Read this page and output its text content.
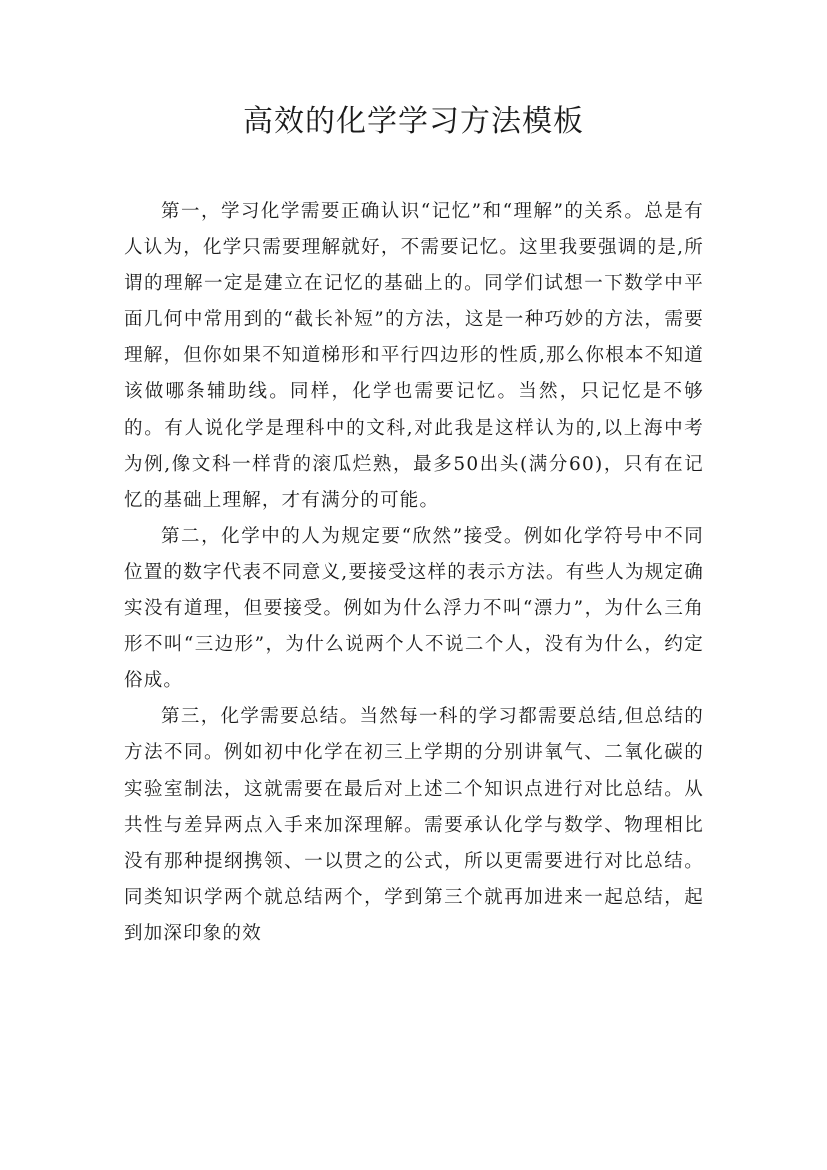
高效的化学学习方法模板

第一，学习化学需要正确认识“记忆”和“理解”的关系。总是有人认为，化学只需要理解就好，不需要记忆。这里我要强调的是,所谓的理解一定是建立在记忆的基础上的。同学们试想一下数学中平面几何中常用到的“截长补短”的方法，这是一种巧妙的方法，需要理解，但你如果不知道梯形和平行四边形的性质,那么你根本不知道该做哪条辅助线。同样，化学也需要记忆。当然，只记忆是不够的。有人说化学是理科中的文科,对此我是这样认为的,以上海中考为例,像文科一样背的滚瓜烂熟，最多50出头(满分60)，只有在记忆的基础上理解，才有满分的可能。

第二，化学中的人为规定要“欣然”接受。例如化学符号中不同位置的数字代表不同意义,要接受这样的表示方法。有些人为规定确实没有道理，但要接受。例如为什么浮力不叫“漂力”，为什么三角形不叫“三边形”，为什么说两个人不说二个人，没有为什么，约定俗成。

第三，化学需要总结。当然每一科的学习都需要总结,但总结的方法不同。例如初中化学在初三上学期的分别讲氧气、二氧化碳的实验室制法，这就需要在最后对上述二个知识点进行对比总结。从共性与差异两点入手来加深理解。需要承认化学与数学、物理相比没有那种提纲携领、一以贯之的公式，所以更需要进行对比总结。同类知识学两个就总结两个，学到第三个就再加进来一起总结，起到加深印象的效
